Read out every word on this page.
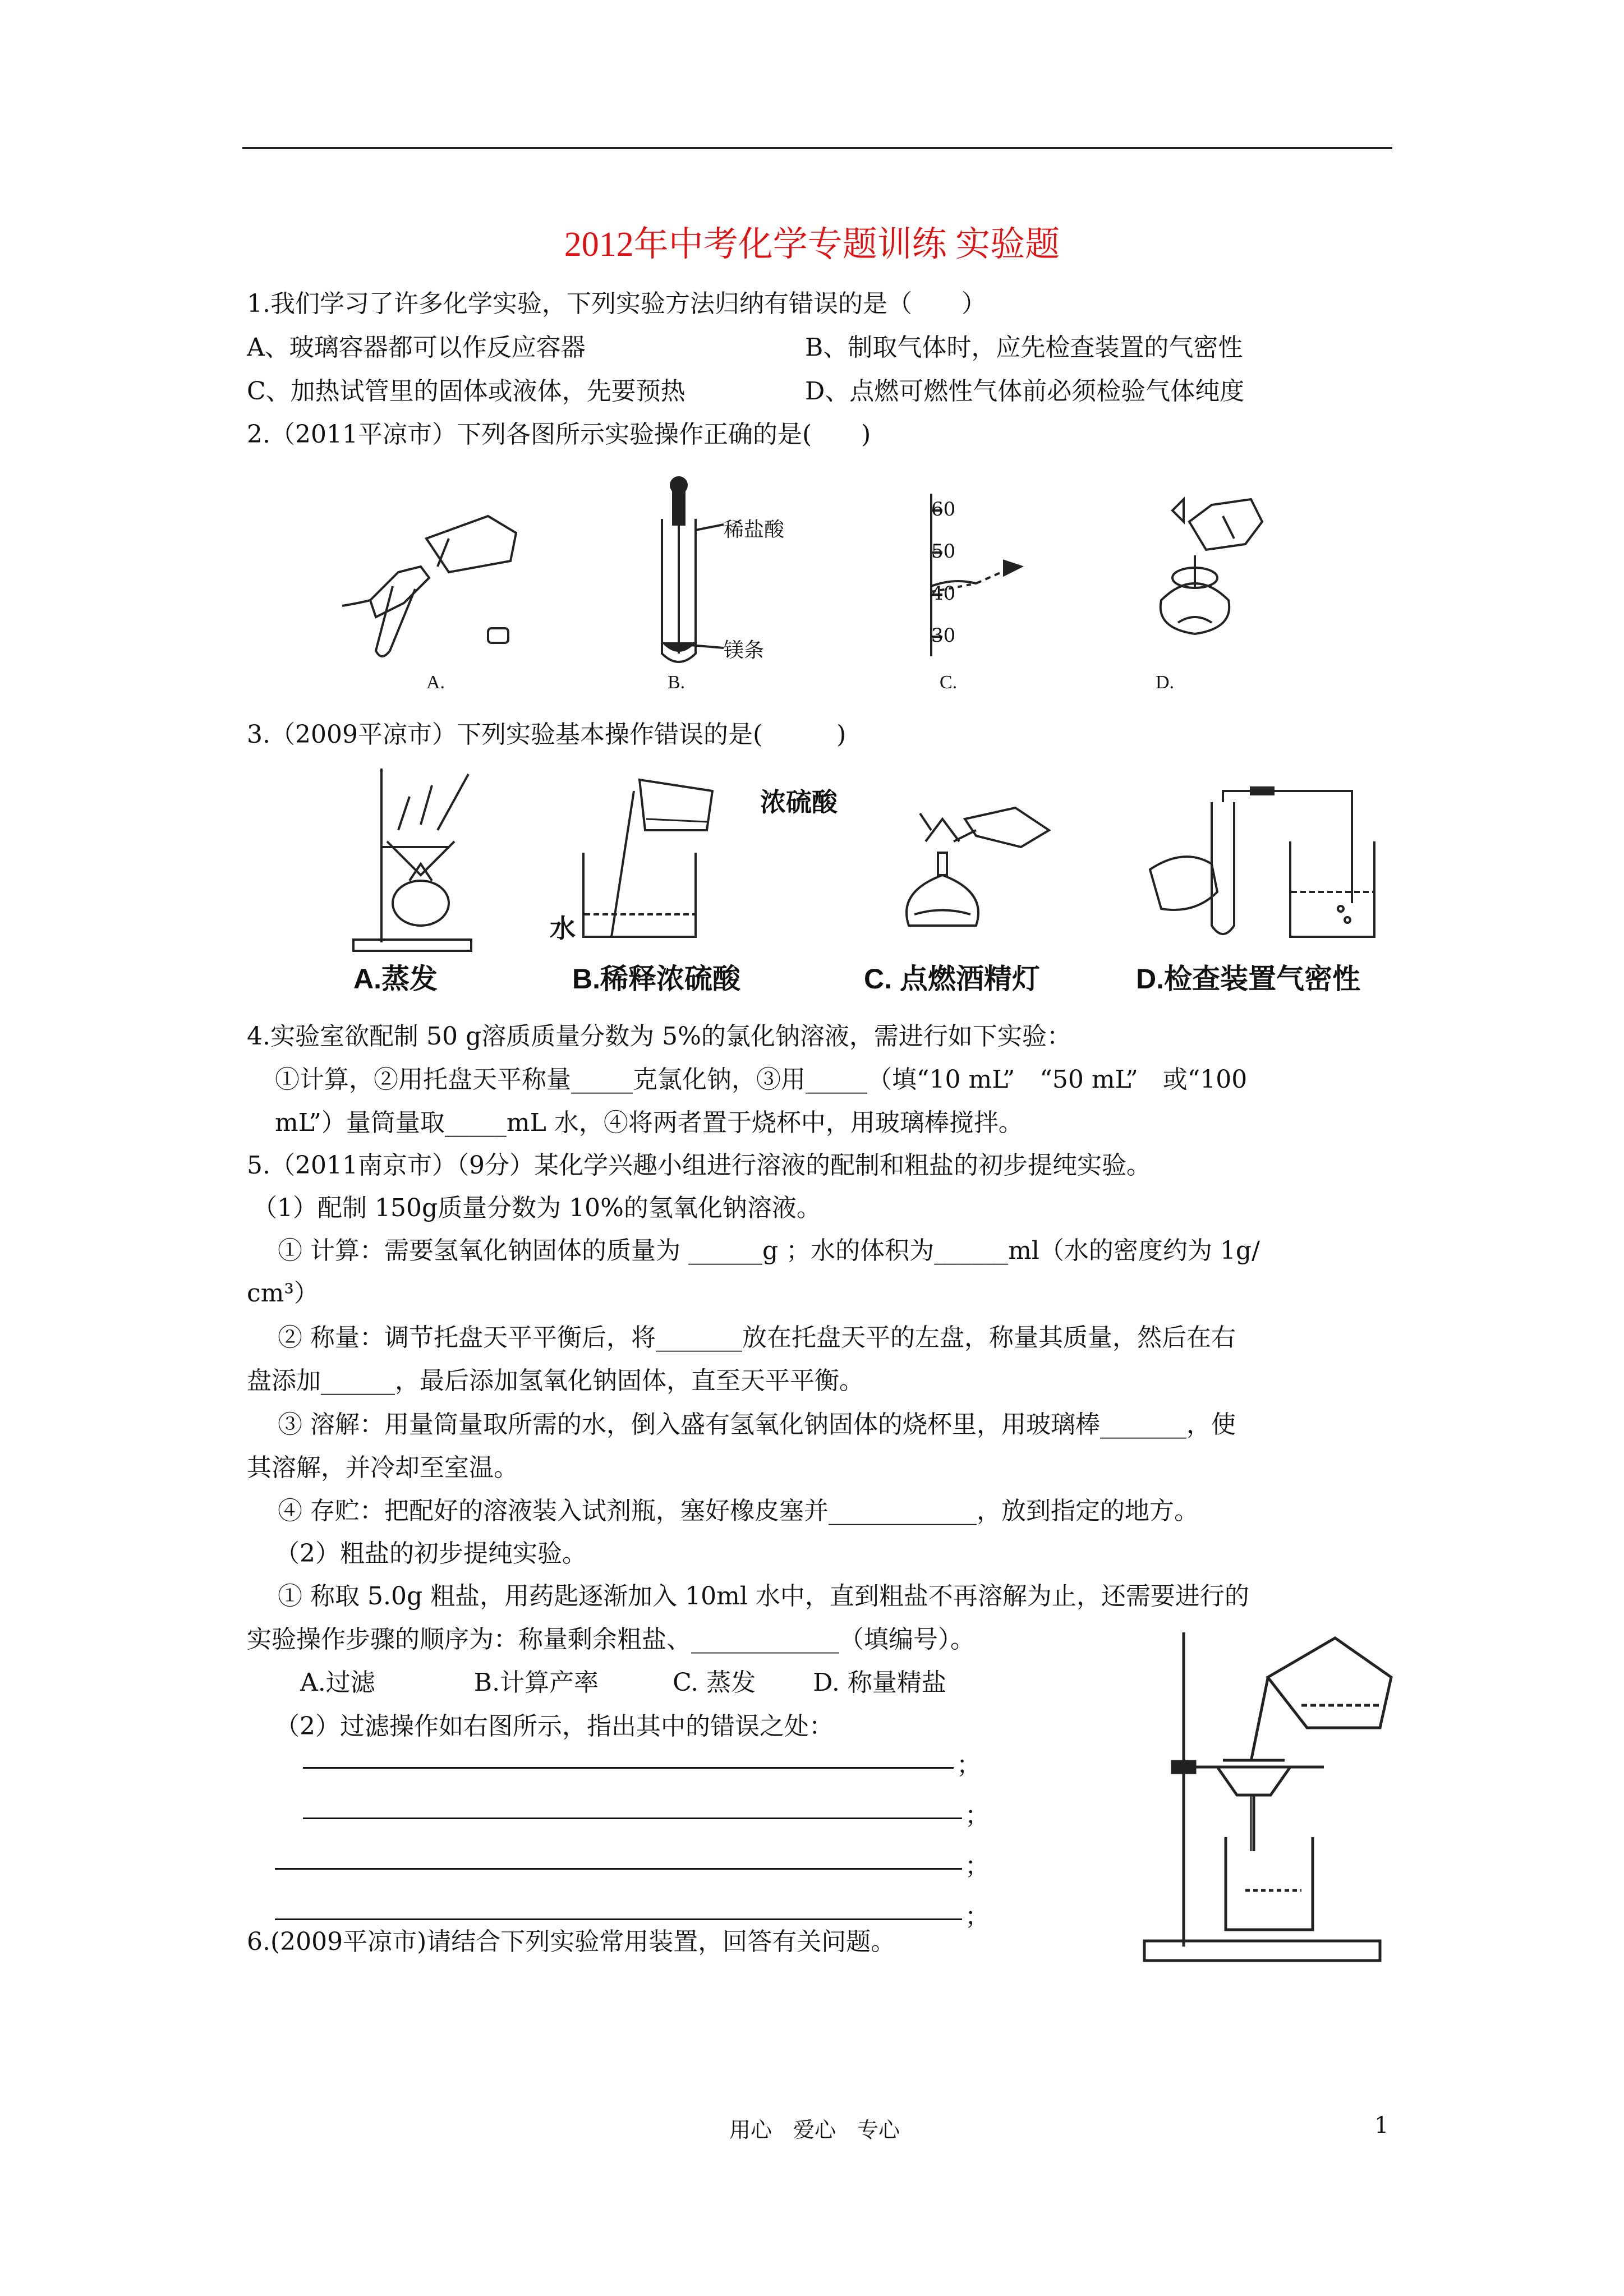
2012年中考化学专题训练 实验题
1.我们学习了许多化学实验，下列实验方法归纳有错误的是（　　）
A、玻璃容器都可以作反应容器	B、制取气体时，应先检查装置的气密性
C、加热试管里的固体或液体，先要预热	D、点燃可燃性气体前必须检验气体纯度
2.（2011平凉市）下列各图所示实验操作正确的是(　　)
A.
稀盐酸
镁条
B.
60
50
40
30
C.	D.
3.（2009平凉市）下列实验基本操作错误的是(　　　)
A.蒸发
浓硫酸
水
B.稀释浓硫酸	C. 点燃酒精灯	D.检查装置气密性
4.实验室欲配制 50 g溶质质量分数为 5%的氯化钠溶液，需进行如下实验：
①计算，②用托盘天平称量_____克氯化钠，③用_____（填“10 mL”　“50 mL”　或“100
mL”）量筒量取_____mL 水，④将两者置于烧杯中，用玻璃棒搅拌。
5.（2011南京市）（9分）某化学兴趣小组进行溶液的配制和粗盐的初步提纯实验。
（1）配制 150g质量分数为 10%的氢氧化钠溶液。
① 计算：需要氢氧化钠固体的质量为 ______g ；水的体积为______ml（水的密度约为 1g/
cm³）
② 称量：调节托盘天平平衡后，将_______放在托盘天平的左盘，称量其质量，然后在右
盘添加______，最后添加氢氧化钠固体，直至天平平衡。
③ 溶解：用量筒量取所需的水，倒入盛有氢氧化钠固体的烧杯里，用玻璃棒_______，使
其溶解，并冷却至室温。
④ 存贮：把配好的溶液装入试剂瓶，塞好橡皮塞并____________，放到指定的地方。
（2）粗盐的初步提纯实验。
① 称取 5.0g 粗盐，用药匙逐渐加入 10ml 水中，直到粗盐不再溶解为止，还需要进行的
实验操作步骤的顺序为：称量剩余粗盐、____________（填编号）。
A.过滤　　　　B.计算产率　　　C. 蒸发　　 D. 称量精盐
（2）过滤操作如右图所示，指出其中的错误之处：
；
；
；
；
6.(2009平凉市)请结合下列实验常用装置，回答有关问题。
用心　爱心　专心	1
